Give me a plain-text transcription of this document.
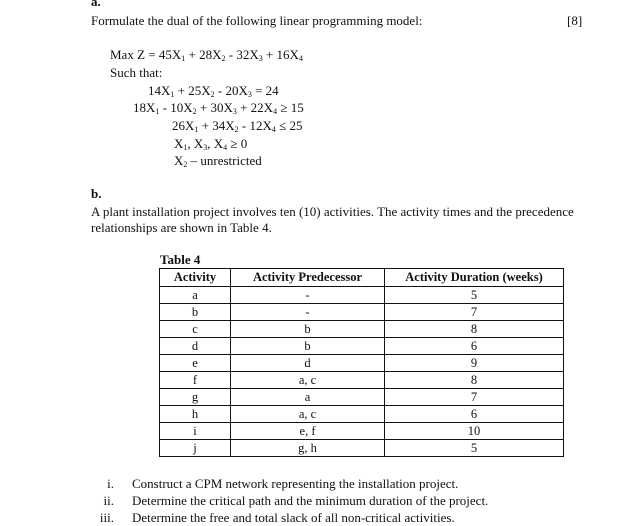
a.
Formulate the dual of the following linear programming model:	[8]
Max $Z = 45X_1 + 28X_2 - 32X_3 + 16X_4$
Such that:
$14X_1 + 25X_2 - 20X_3 = 24$
$18X_1 - 10X_2 + 30X_3 + 22X_4 \ge 15$
$26X_1 + 34X_2 - 12X_4 \le 25$
$X_1$, $X_3$, $X_4 \ge 0$
$X_2$ – unrestricted
b.
A plant installation project involves ten (10) activities. The activity times and the precedence
relationships are shown in Table 4.
Table 4
Activity	Activity Predecessor	Activity Duration (weeks)
a	-	5
b	-	7
c	b	8
d	b	6
e	d	9
f	a, c	8
g	a	7
h	a, c	6
i	e, f	10
j	g, h	5
i. Construct a CPM network representing the installation project.
ii. Determine the critical path and the minimum duration of the project.
iii. Determine the free and total slack of all non-critical activities.
